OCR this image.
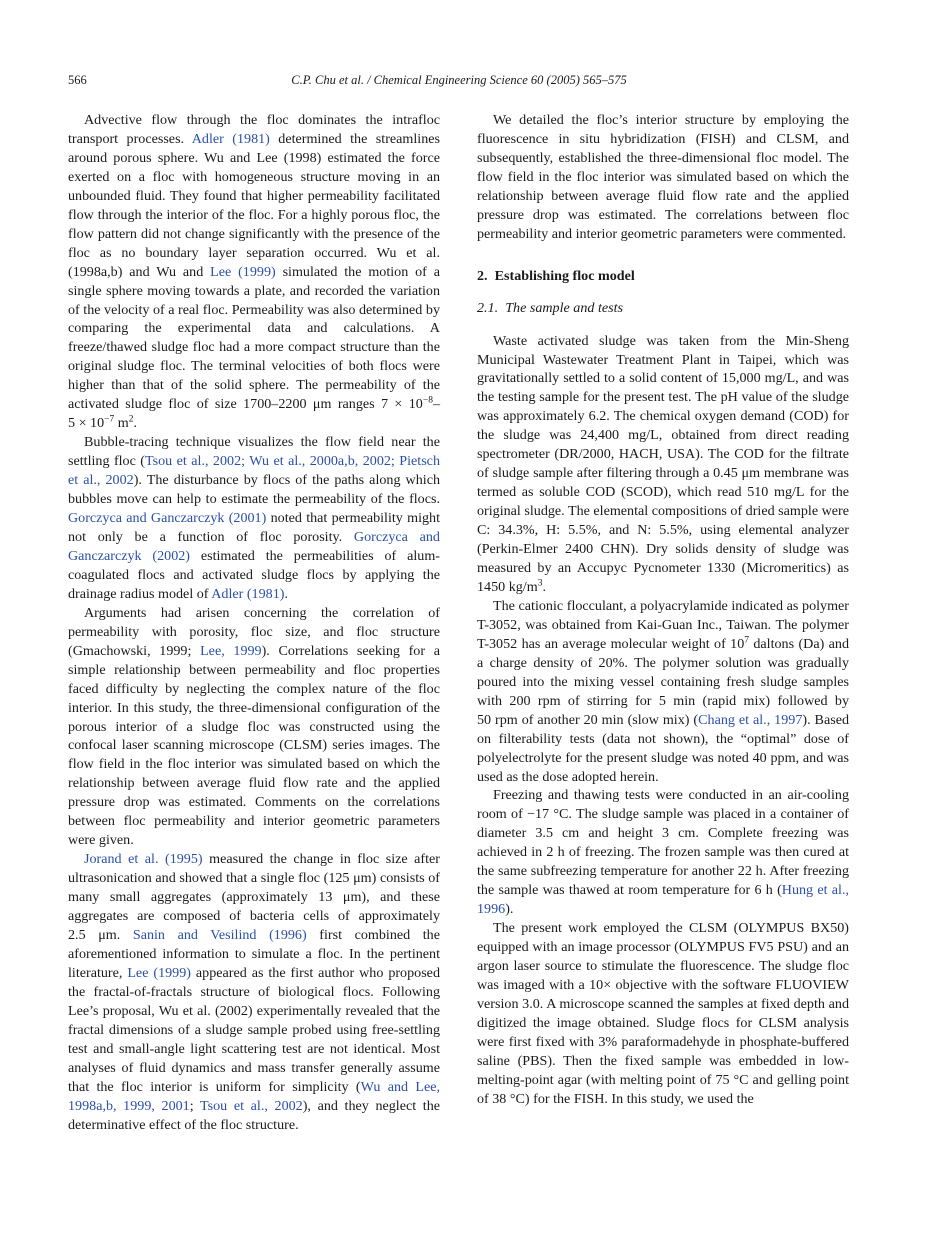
566	C.P. Chu et al. / Chemical Engineering Science 60 (2005) 565–575

Advective flow through the floc dominates the intrafloc transport processes. Adler (1981) determined the streamlines around porous sphere. Wu and Lee (1998) estimated the force exerted on a floc with homogeneous structure moving in an unbounded fluid. They found that higher permeability facilitated flow through the interior of the floc. For a highly porous floc, the flow pattern did not change significantly with the presence of the floc as no boundary layer separation occurred. Wu et al. (1998a,b) and Wu and Lee (1999) simulated the motion of a single sphere moving towards a plate, and recorded the variation of the velocity of a real floc. Permeability was also determined by comparing the experimental data and calculations. A freeze/thawed sludge floc had a more compact structure than the original sludge floc. The terminal velocities of both flocs were higher than that of the solid sphere. The permeability of the activated sludge floc of size 1700–2200 μm ranges $7 \times 10^{-8}-5 \times 10^{-7}$ $m^2$.

Bubble-tracing technique visualizes the flow field near the settling floc (Tsou et al., 2002; Wu et al., 2000a,b, 2002; Pietsch et al., 2002). The disturbance by flocs of the paths along which bubbles move can help to estimate the permeability of the flocs. Gorczyca and Ganczarczyk (2001) noted that permeability might not only be a function of floc porosity. Gorczyca and Ganczarczyk (2002) estimated the permeabilities of alum-coagulated flocs and activated sludge flocs by applying the drainage radius model of Adler (1981).

Arguments had arisen concerning the correlation of permeability with porosity, floc size, and floc structure (Gmachowski, 1999; Lee, 1999). Correlations seeking for a simple relationship between permeability and floc properties faced difficulty by neglecting the complex nature of the floc interior. In this study, the three-dimensional configuration of the porous interior of a sludge floc was constructed using the confocal laser scanning microscope (CLSM) series images. The flow field in the floc interior was simulated based on which the relationship between average fluid flow rate and the applied pressure drop was estimated. Comments on the correlations between floc permeability and interior geometric parameters were given.

Jorand et al. (1995) measured the change in floc size after ultrasonication and showed that a single floc (125 μm) consists of many small aggregates (approximately 13 μm), and these aggregates are composed of bacteria cells of approximately 2.5 μm. Sanin and Vesilind (1996) first combined the aforementioned information to simulate a floc. In the pertinent literature, Lee (1999) appeared as the first author who proposed the fractal-of-fractals structure of biological flocs. Following Lee’s proposal, Wu et al. (2002) experimentally revealed that the fractal dimensions of a sludge sample probed using free-settling test and small-angle light scattering test are not identical. Most analyses of fluid dynamics and mass transfer generally assume that the floc interior is uniform for simplicity (Wu and Lee, 1998a,b, 1999, 2001; Tsou et al., 2002), and they neglect the determinative effect of the floc structure.

We detailed the floc’s interior structure by employing the fluorescence in situ hybridization (FISH) and CLSM, and subsequently, established the three-dimensional floc model. The flow field in the floc interior was simulated based on which the relationship between average fluid flow rate and the applied pressure drop was estimated. The correlations between floc permeability and interior geometric parameters were commented.

2. Establishing floc model
2.1. The sample and tests

Waste activated sludge was taken from the Min-Sheng Municipal Wastewater Treatment Plant in Taipei, which was gravitationally settled to a solid content of 15,000 mg/L, and was the testing sample for the present test. The pH value of the sludge was approximately 6.2. The chemical oxygen demand (COD) for the sludge was 24,400 mg/L, obtained from direct reading spectrometer (DR/2000, HACH, USA). The COD for the filtrate of sludge sample after filtering through a 0.45 μm membrane was termed as soluble COD (SCOD), which read 510 mg/L for the original sludge. The elemental compositions of dried sample were C: 34.3%, H: 5.5%, and N: 5.5%, using elemental analyzer (Perkin-Elmer 2400 CHN). Dry solids density of sludge was measured by an Accupyc Pycnometer 1330 (Micromeritics) as 1450 $kg/m^3$.

The cationic flocculant, a polyacrylamide indicated as polymer T-3052, was obtained from Kai-Guan Inc., Taiwan. The polymer T-3052 has an average molecular weight of $10^7$ daltons (Da) and a charge density of 20%. The polymer solution was gradually poured into the mixing vessel containing fresh sludge samples with 200 rpm of stirring for 5 min (rapid mix) followed by 50 rpm of another 20 min (slow mix) (Chang et al., 1997). Based on filterability tests (data not shown), the “optimal” dose of polyelectrolyte for the present sludge was noted 40 ppm, and was used as the dose adopted herein.

Freezing and thawing tests were conducted in an air-cooling room of −17 °C. The sludge sample was placed in a container of diameter 3.5 cm and height 3 cm. Complete freezing was achieved in 2 h of freezing. The frozen sample was then cured at the same subfreezing temperature for another 22 h. After freezing the sample was thawed at room temperature for 6 h (Hung et al., 1996).

The present work employed the CLSM (OLYMPUS BX50) equipped with an image processor (OLYMPUS FV5 PSU) and an argon laser source to stimulate the fluorescence. The sludge floc was imaged with a 10× objective with the software FLUOVIEW version 3.0. A microscope scanned the samples at fixed depth and digitized the image obtained. Sludge flocs for CLSM analysis were first fixed with 3% paraformadehyde in phosphate-buffered saline (PBS). Then the fixed sample was embedded in low-melting-point agar (with melting point of 75 °C and gelling point of 38 °C) for the FISH. In this study, we used the
